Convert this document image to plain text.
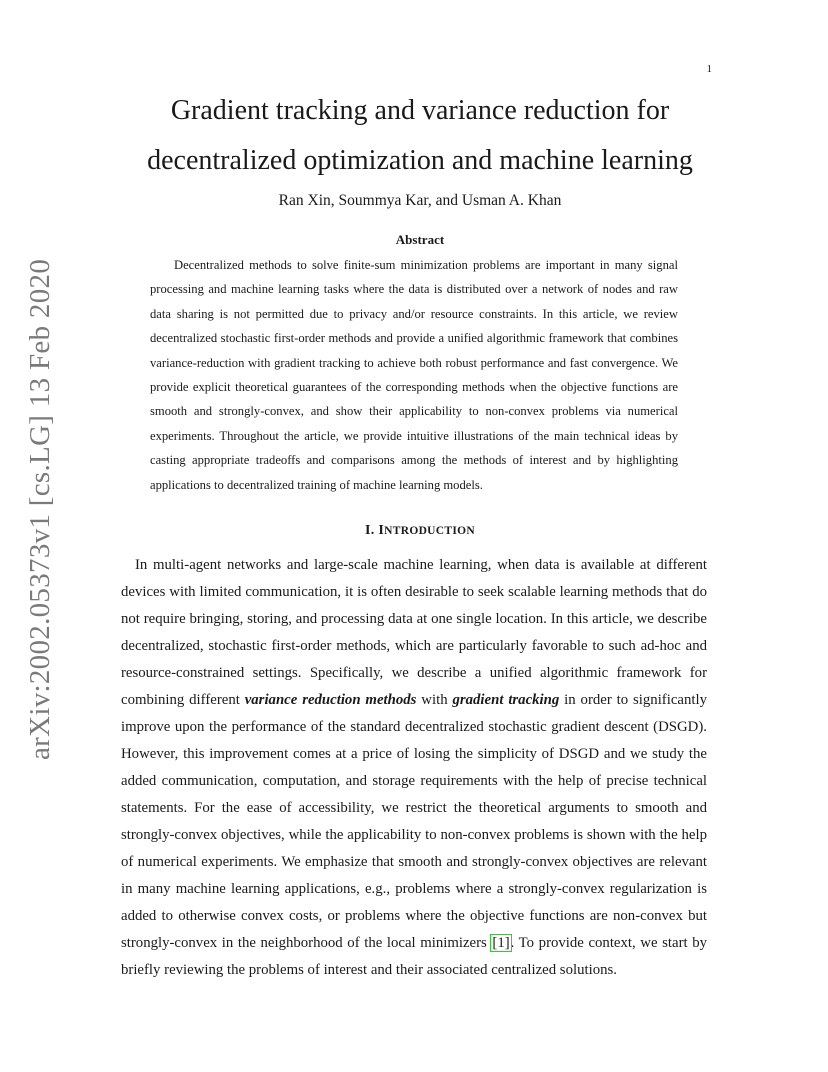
1
arXiv:2002.05373v1 [cs.LG] 13 Feb 2020
Gradient tracking and variance reduction for
decentralized optimization and machine learning
Ran Xin, Soummya Kar, and Usman A. Khan
Abstract

Decentralized methods to solve finite-sum minimization problems are important in many signal processing and machine learning tasks where the data is distributed over a network of nodes and raw data sharing is not permitted due to privacy and/or resource constraints. In this article, we review decentralized stochastic first-order methods and provide a unified algorithmic framework that combines variance-reduction with gradient tracking to achieve both robust performance and fast convergence. We provide explicit theoretical guarantees of the corresponding methods when the objective functions are smooth and strongly-convex, and show their applicability to non-convex problems via numerical experiments. Throughout the article, we provide intuitive illustrations of the main technical ideas by casting appropriate tradeoffs and comparisons among the methods of interest and by highlighting applications to decentralized training of machine learning models.

I. INTRODUCTION

In multi-agent networks and large-scale machine learning, when data is available at different devices with limited communication, it is often desirable to seek scalable learning methods that do not require bringing, storing, and processing data at one single location. In this article, we describe decentralized, stochastic first-order methods, which are particularly favorable to such ad-hoc and resource-constrained settings. Specifically, we describe a unified algorithmic framework for combining different variance reduction methods with gradient tracking in order to significantly improve upon the performance of the standard decentralized stochastic gradient descent (DSGD). However, this improvement comes at a price of losing the simplicity of DSGD and we study the added communication, computation, and storage requirements with the help of precise technical statements. For the ease of accessibility, we restrict the theoretical arguments to smooth and strongly-convex objectives, while the applicability to non-convex problems is shown with the help of numerical experiments. We emphasize that smooth and strongly-convex objectives are relevant in many machine learning applications, e.g., problems where a strongly-convex regularization is added to otherwise convex costs, or problems where the objective functions are non-convex but strongly-convex in the neighborhood of the local minimizers [1]. To provide context, we start by briefly reviewing the problems of interest and their associated centralized solutions.
